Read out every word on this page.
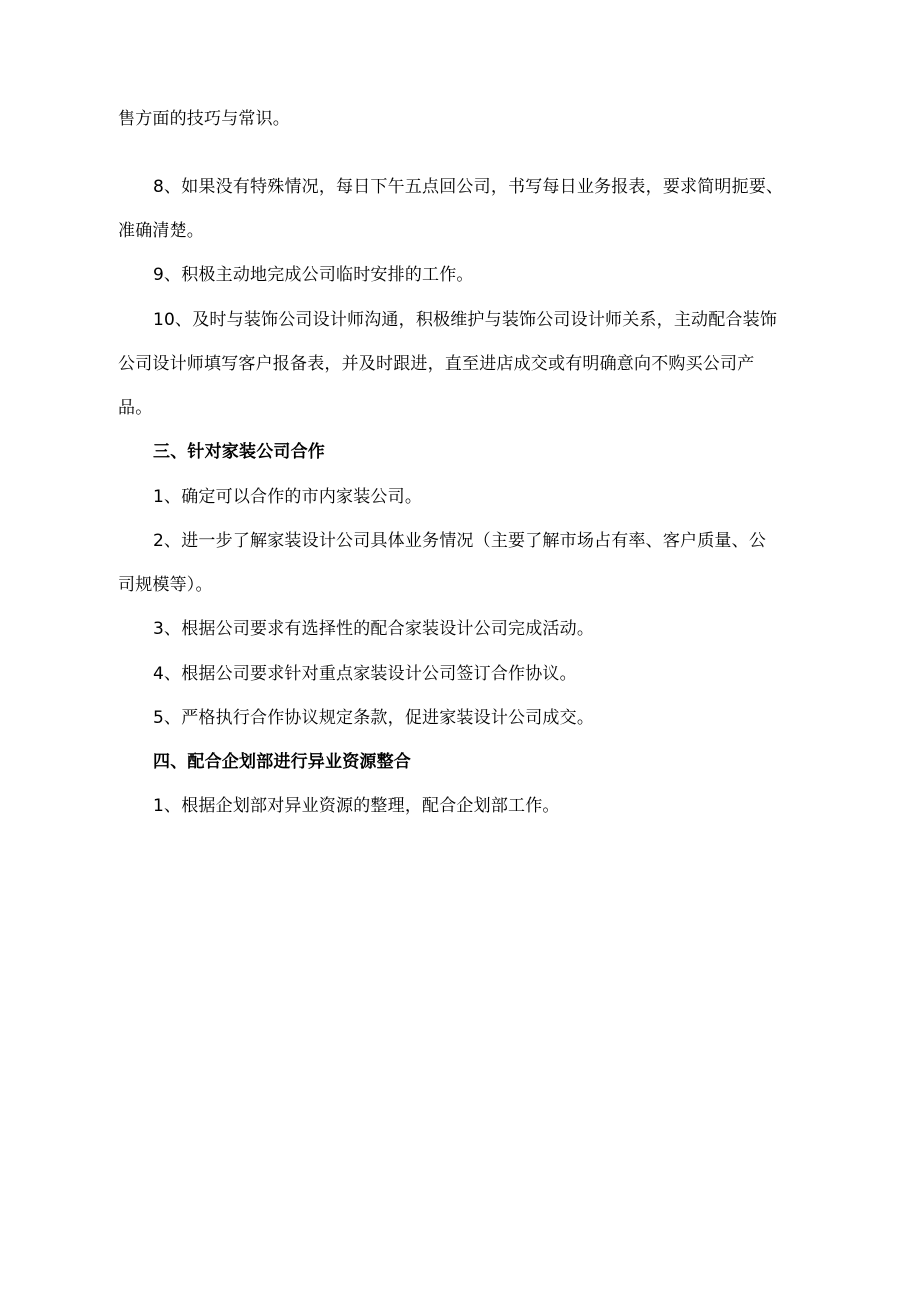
售方面的技巧与常识。
8、如果没有特殊情况，每日下午五点回公司，书写每日业务报表，要求简明扼要、
准确清楚。
9、积极主动地完成公司临时安排的工作。
10、及时与装饰公司设计师沟通，积极维护与装饰公司设计师关系，主动配合装饰
公司设计师填写客户报备表，并及时跟进，直至进店成交或有明确意向不购买公司产
品。
三、针对家装公司合作
1、确定可以合作的市内家装公司。
2、进一步了解家装设计公司具体业务情况（主要了解市场占有率、客户质量、公
司规模等）。
3、根据公司要求有选择性的配合家装设计公司完成活动。
4、根据公司要求针对重点家装设计公司签订合作协议。
5、严格执行合作协议规定条款，促进家装设计公司成交。
四、配合企划部进行异业资源整合
1、根据企划部对异业资源的整理，配合企划部工作。
